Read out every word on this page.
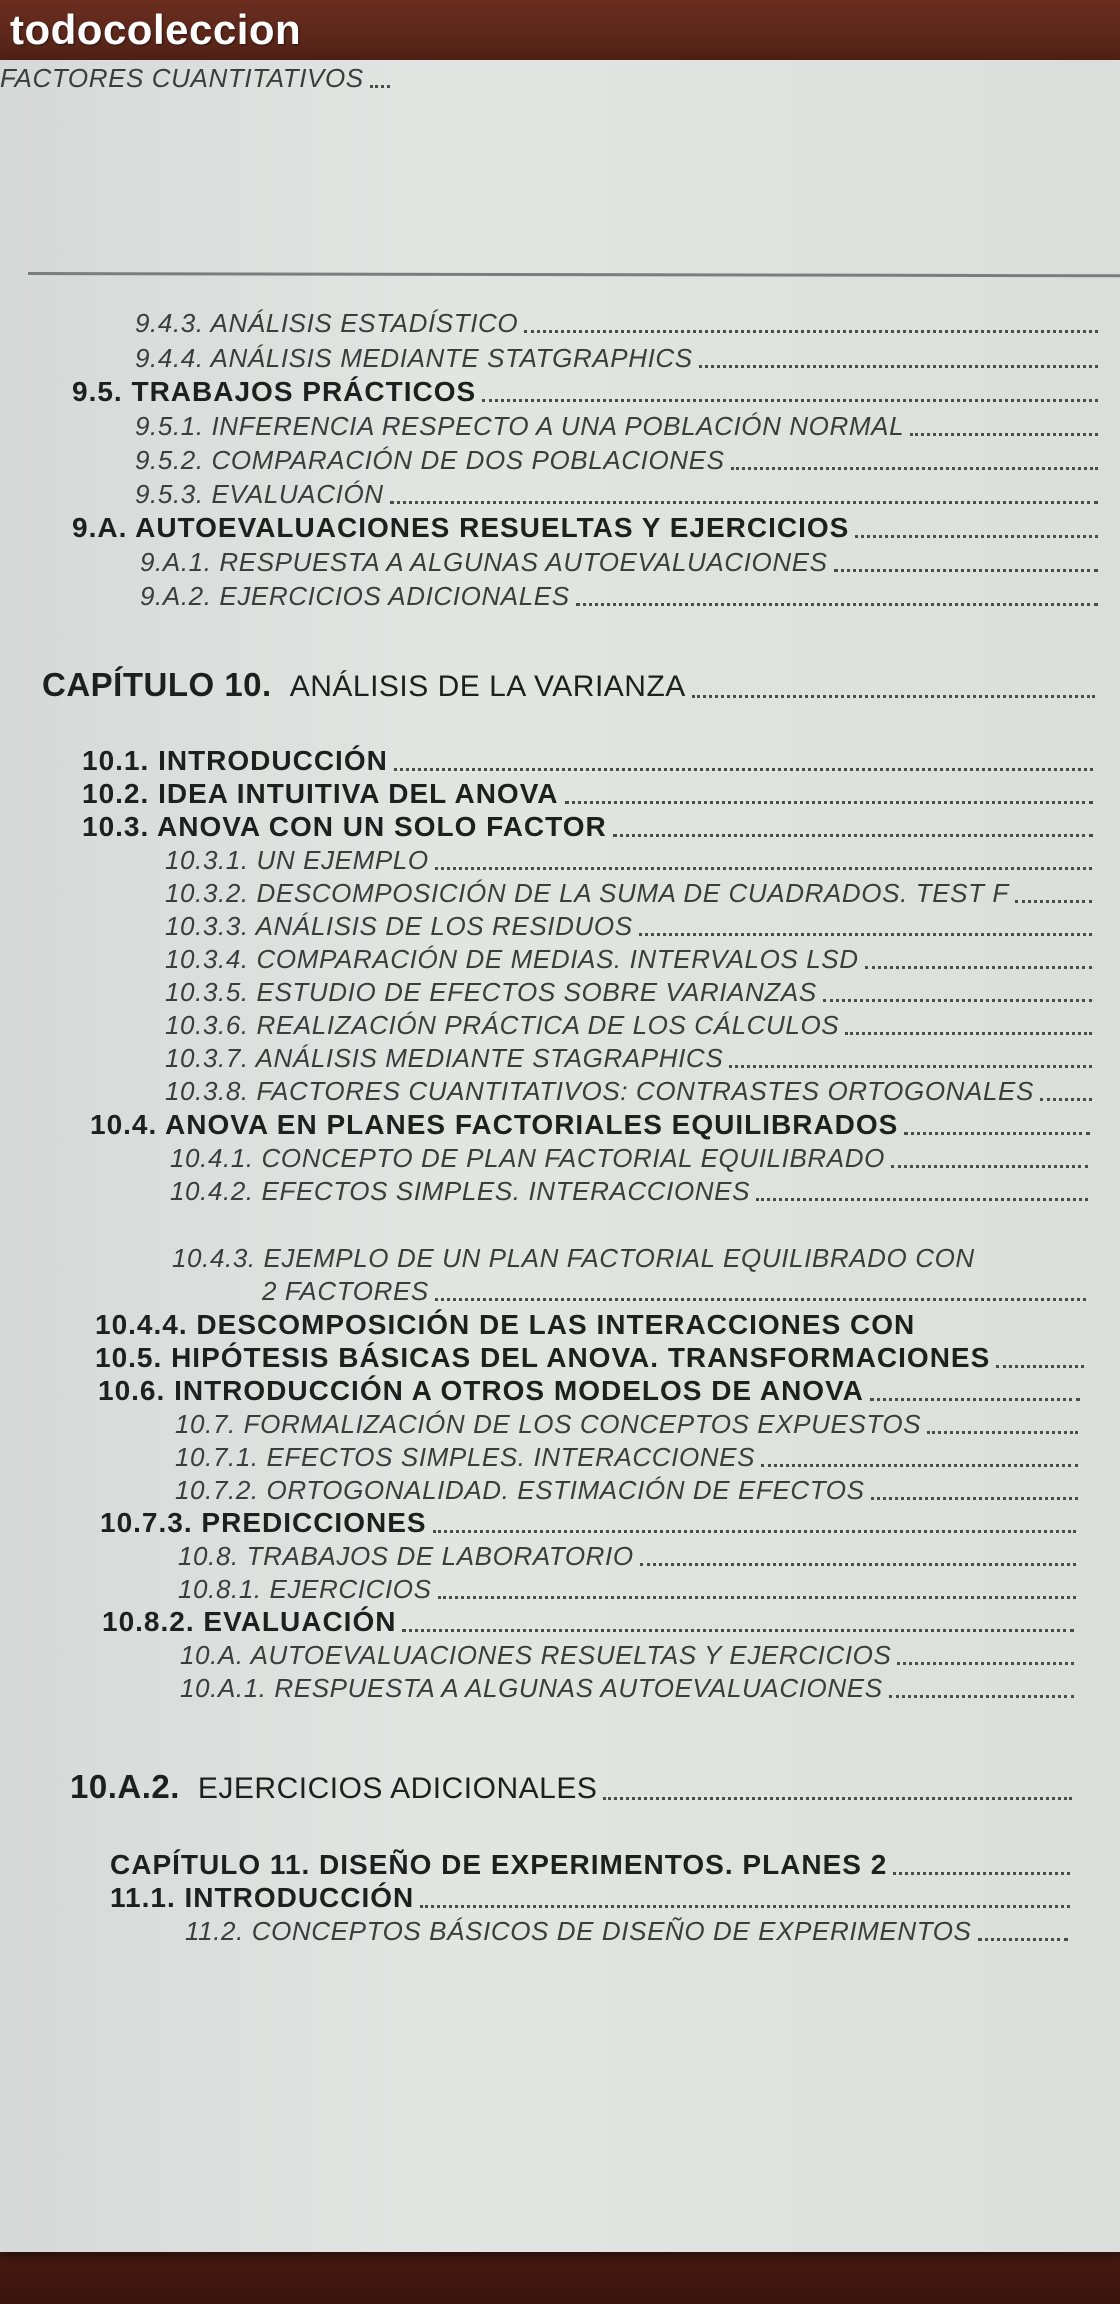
todocoleccion
9.4.3. ANÁLISIS ESTADÍSTICO
9.4.4. ANÁLISIS MEDIANTE STATGRAPHICS
9.5. TRABAJOS PRÁCTICOS
9.5.1. INFERENCIA RESPECTO A UNA POBLACIÓN NORMAL
9.5.2. COMPARACIÓN DE DOS POBLACIONES
9.5.3. EVALUACIÓN
9.A. AUTOEVALUACIONES RESUELTAS Y EJERCICIOS
9.A.1. RESPUESTA A ALGUNAS AUTOEVALUACIONES
9.A.2. EJERCICIOS ADICIONALES
CAPÍTULO 10. ANÁLISIS DE LA VARIANZA
10.1. INTRODUCCIÓN
10.2. IDEA INTUITIVA DEL ANOVA
10.3. ANOVA CON UN SOLO FACTOR
10.3.1. UN EJEMPLO
10.3.2. DESCOMPOSICIÓN DE LA SUMA DE CUADRADOS. TEST F
10.3.3. ANÁLISIS DE LOS RESIDUOS
10.3.4. COMPARACIÓN DE MEDIAS. INTERVALOS LSD
10.3.5. ESTUDIO DE EFECTOS SOBRE VARIANZAS
10.3.6. REALIZACIÓN PRÁCTICA DE LOS CÁLCULOS
10.3.7. ANÁLISIS MEDIANTE STAGRAPHICS
10.3.8. FACTORES CUANTITATIVOS: CONTRASTES ORTOGONALES
10.4. ANOVA EN PLANES FACTORIALES EQUILIBRADOS
10.4.1. CONCEPTO DE PLAN FACTORIAL EQUILIBRADO
10.4.2. EFECTOS SIMPLES. INTERACCIONES
10.4.3. EJEMPLO DE UN PLAN FACTORIAL EQUILIBRADO CON
2 FACTORES
10.4.4. DESCOMPOSICIÓN DE LAS INTERACCIONES CON
FACTORES CUANTITATIVOS
10.5. HIPÓTESIS BÁSICAS DEL ANOVA. TRANSFORMACIONES
10.6. INTRODUCCIÓN A OTROS MODELOS DE ANOVA
10.7. FORMALIZACIÓN DE LOS CONCEPTOS EXPUESTOS
10.7.1. EFECTOS SIMPLES. INTERACCIONES
10.7.2. ORTOGONALIDAD. ESTIMACIÓN DE EFECTOS
10.7.3. PREDICCIONES
10.8. TRABAJOS DE LABORATORIO
10.8.1. EJERCICIOS
10.8.2. EVALUACIÓN
10.A. AUTOEVALUACIONES RESUELTAS Y EJERCICIOS
10.A.1. RESPUESTA A ALGUNAS AUTOEVALUACIONES
10.A.2. EJERCICIOS ADICIONALES
CAPÍTULO 11. DISEÑO DE EXPERIMENTOS. PLANES 2
11.1. INTRODUCCIÓN
11.2. CONCEPTOS BÁSICOS DE DISEÑO DE EXPERIMENTOS
